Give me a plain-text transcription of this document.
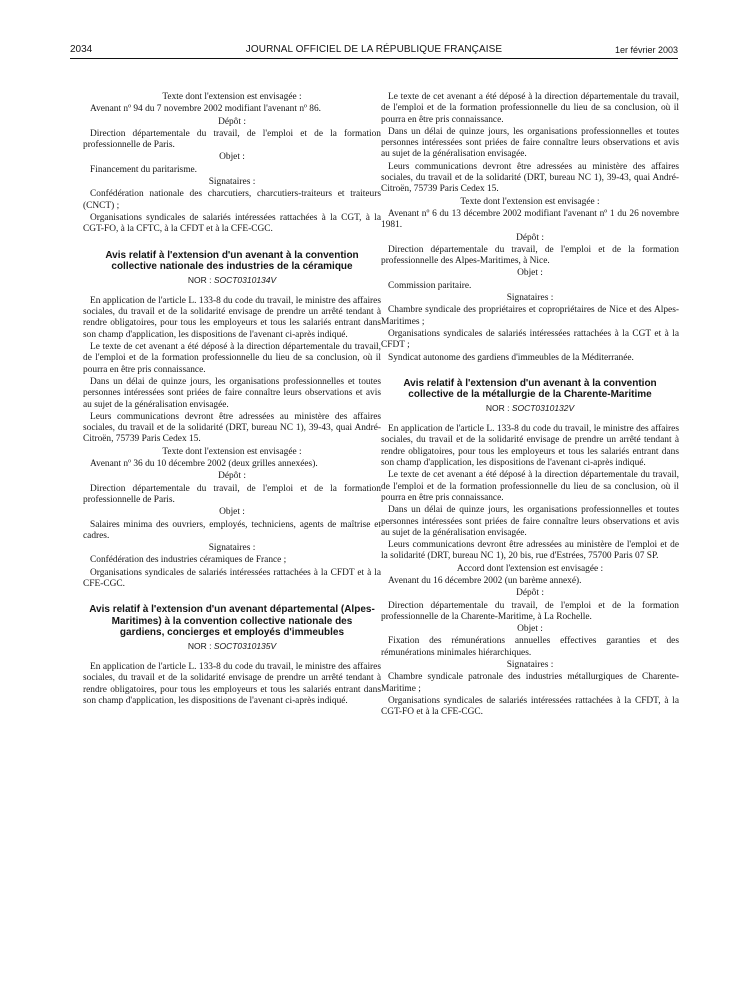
2034	JOURNAL OFFICIEL DE LA RÉPUBLIQUE FRANÇAISE	1er février 2003

Texte dont l'extension est envisagée :

Avenant nº 94 du 7 novembre 2002 modifiant l'avenant nº 86.

Dépôt :

Direction départementale du travail, de l'emploi et de la formation professionnelle de Paris.

Objet :

Financement du paritarisme.

Signataires :

Confédération nationale des charcutiers, charcutiers-traiteurs et traiteurs (CNCT) ;

Organisations syndicales de salariés intéressées rattachées à la CGT, à la CGT-FO, à la CFTC, à la CFDT et à la CFE-CGC.

Avis relatif à l'extension d'un avenant à la convention collective nationale des industries de la céramique
NOR : SOCT0310134V

En application de l'article L. 133-8 du code du travail, le ministre des affaires sociales, du travail et de la solidarité envisage de prendre un arrêté tendant à rendre obligatoires, pour tous les employeurs et tous les salariés entrant dans son champ d'application, les dispositions de l'avenant ci-après indiqué.

Le texte de cet avenant a été déposé à la direction départementale du travail, de l'emploi et de la formation professionnelle du lieu de sa conclusion, où il pourra en être pris connaissance.

Dans un délai de quinze jours, les organisations professionnelles et toutes personnes intéressées sont priées de faire connaître leurs observations et avis au sujet de la généralisation envisagée.

Leurs communications devront être adressées au ministère des affaires sociales, du travail et de la solidarité (DRT, bureau NC 1), 39-43, quai André-Citroën, 75739 Paris Cedex 15.

Texte dont l'extension est envisagée :

Avenant nº 36 du 10 décembre 2002 (deux grilles annexées).

Dépôt :

Direction départementale du travail, de l'emploi et de la formation professionnelle de Paris.

Objet :

Salaires minima des ouvriers, employés, techniciens, agents de maîtrise et cadres.

Signataires :

Confédération des industries céramiques de France ;

Organisations syndicales de salariés intéressées rattachées à la CFDT et à la CFE-CGC.

Avis relatif à l'extension d'un avenant départemental (Alpes-Maritimes) à la convention collective nationale des gardiens, concierges et employés d'immeubles
NOR : SOCT0310135V

En application de l'article L. 133-8 du code du travail, le ministre des affaires sociales, du travail et de la solidarité envisage de prendre un arrêté tendant à rendre obligatoires, pour tous les employeurs et tous les salariés entrant dans son champ d'application, les dispositions de l'avenant ci-après indiqué.

Le texte de cet avenant a été déposé à la direction départementale du travail, de l'emploi et de la formation professionnelle du lieu de sa conclusion, où il pourra en être pris connaissance.

Dans un délai de quinze jours, les organisations professionnelles et toutes personnes intéressées sont priées de faire connaître leurs observations et avis au sujet de la généralisation envisagée.

Leurs communications devront être adressées au ministère des affaires sociales, du travail et de la solidarité (DRT, bureau NC 1), 39-43, quai André-Citroën, 75739 Paris Cedex 15.

Texte dont l'extension est envisagée :

Avenant nº 6 du 13 décembre 2002 modifiant l'avenant nº 1 du 26 novembre 1981.

Dépôt :

Direction départementale du travail, de l'emploi et de la formation professionnelle des Alpes-Maritimes, à Nice.

Objet :

Commission paritaire.

Signataires :

Chambre syndicale des propriétaires et copropriétaires de Nice et des Alpes-Maritimes ;

Organisations syndicales de salariés intéressées rattachées à la CGT et à la CFDT ;

Syndicat autonome des gardiens d'immeubles de la Méditerranée.

Avis relatif à l'extension d'un avenant à la convention collective de la métallurgie de la Charente-Maritime
NOR : SOCT0310132V

En application de l'article L. 133-8 du code du travail, le ministre des affaires sociales, du travail et de la solidarité envisage de prendre un arrêté tendant à rendre obligatoires, pour tous les employeurs et tous les salariés entrant dans son champ d'application, les dispositions de l'avenant ci-après indiqué.

Le texte de cet avenant a été déposé à la direction départementale du travail, de l'emploi et de la formation professionnelle du lieu de sa conclusion, où il pourra en être pris connaissance.

Dans un délai de quinze jours, les organisations professionnelles et toutes personnes intéressées sont priées de faire connaître leurs observations et avis au sujet de la généralisation envisagée.

Leurs communications devront être adressées au ministère de l'emploi et de la solidarité (DRT, bureau NC 1), 20 bis, rue d'Estrées, 75700 Paris 07 SP.

Accord dont l'extension est envisagée :

Avenant du 16 décembre 2002 (un barème annexé).

Dépôt :

Direction départementale du travail, de l'emploi et de la formation professionnelle de la Charente-Maritime, à La Rochelle.

Objet :

Fixation des rémunérations annuelles effectives garanties et des rémunérations minimales hiérarchiques.

Signataires :

Chambre syndicale patronale des industries métallurgiques de Charente-Maritime ;

Organisations syndicales de salariés intéressées rattachées à la CFDT, à la CGT-FO et à la CFE-CGC.
